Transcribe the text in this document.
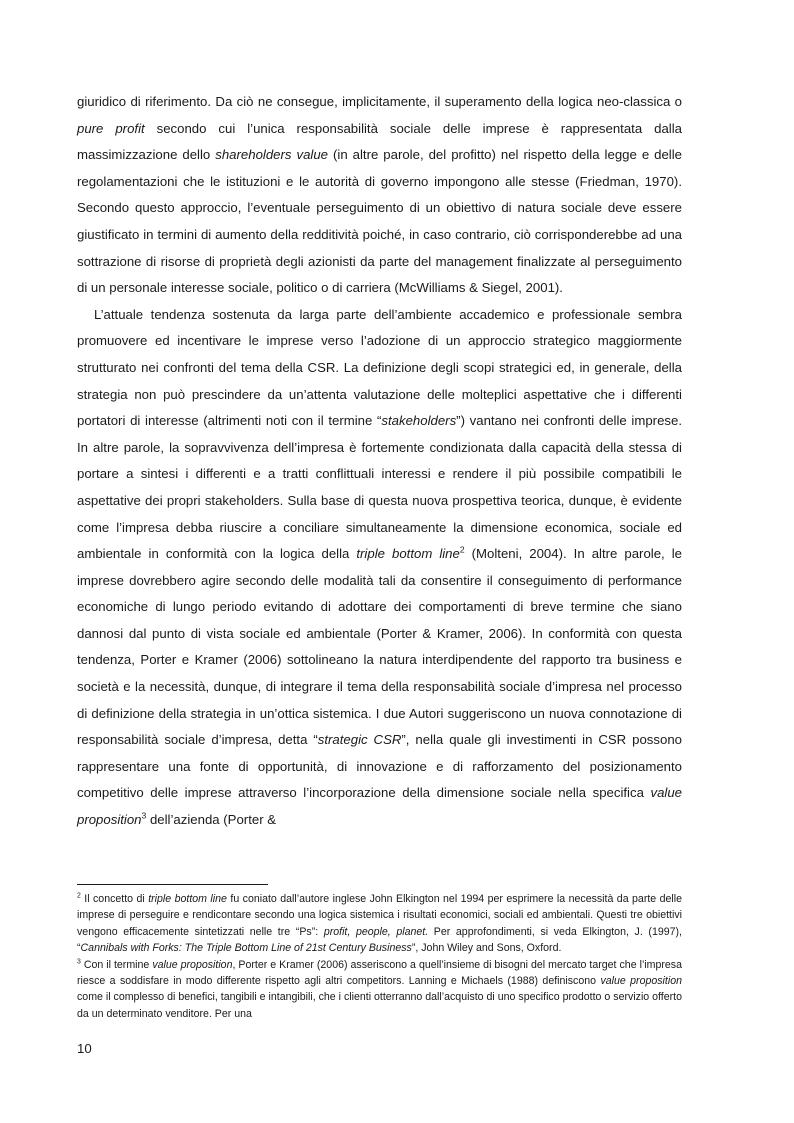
giuridico di riferimento. Da ciò ne consegue, implicitamente, il superamento della logica neo-classica o pure profit secondo cui l’unica responsabilità sociale delle imprese è rappresentata dalla massimizzazione dello shareholders value (in altre parole, del profitto) nel rispetto della legge e delle regolamentazioni che le istituzioni e le autorità di governo impongono alle stesse (Friedman, 1970). Secondo questo approccio, l’eventuale perseguimento di un obiettivo di natura sociale deve essere giustificato in termini di aumento della redditività poiché, in caso contrario, ciò corrisponderebbe ad una sottrazione di risorse di proprietà degli azionisti da parte del management finalizzate al perseguimento di un personale interesse sociale, politico o di carriera (McWilliams & Siegel, 2001).

L’attuale tendenza sostenuta da larga parte dell’ambiente accademico e professionale sembra promuovere ed incentivare le imprese verso l’adozione di un approccio strategico maggiormente strutturato nei confronti del tema della CSR. La definizione degli scopi strategici ed, in generale, della strategia non può prescindere da un’attenta valutazione delle molteplici aspettative che i differenti portatori di interesse (altrimenti noti con il termine “stakeholders”) vantano nei confronti delle imprese. In altre parole, la sopravvivenza dell’impresa è fortemente condizionata dalla capacità della stessa di portare a sintesi i differenti e a tratti conflittuali interessi e rendere il più possibile compatibili le aspettative dei propri stakeholders. Sulla base di questa nuova prospettiva teorica, dunque, è evidente come l’impresa debba riuscire a conciliare simultaneamente la dimensione economica, sociale ed ambientale in conformità con la logica della triple bottom line$^2$ (Molteni, 2004). In altre parole, le imprese dovrebbero agire secondo delle modalità tali da consentire il conseguimento di performance economiche di lungo periodo evitando di adottare dei comportamenti di breve termine che siano dannosi dal punto di vista sociale ed ambientale (Porter & Kramer, 2006). In conformità con questa tendenza, Porter e Kramer (2006) sottolineano la natura interdipendente del rapporto tra business e società e la necessità, dunque, di integrare il tema della responsabilità sociale d’impresa nel processo di definizione della strategia in un’ottica sistemica. I due Autori suggeriscono un nuova connotazione di responsabilità sociale d’impresa, detta “strategic CSR”, nella quale gli investimenti in CSR possono rappresentare una fonte di opportunità, di innovazione e di rafforzamento del posizionamento competitivo delle imprese attraverso l’incorporazione della dimensione sociale nella specifica value proposition$^3$ dell’azienda (Porter &

$^2$ Il concetto di triple bottom line fu coniato dall’autore inglese John Elkington nel 1994 per esprimere la necessità da parte delle imprese di perseguire e rendicontare secondo una logica sistemica i risultati economici, sociali ed ambientali. Questi tre obiettivi vengono efficacemente sintetizzati nelle tre “Ps”: profit, people, planet. Per approfondimenti, si veda Elkington, J. (1997), “Cannibals with Forks: The Triple Bottom Line of 21st Century Business”, John Wiley and Sons, Oxford.

$^3$ Con il termine value proposition, Porter e Kramer (2006) asseriscono a quell’insieme di bisogni del mercato target che l’impresa riesce a soddisfare in modo differente rispetto agli altri competitors. Lanning e Michaels (1988) definiscono value proposition come il complesso di benefici, tangibili e intangibili, che i clienti otterranno dall’acquisto di uno specifico prodotto o servizio offerto da un determinato venditore. Per una

10
